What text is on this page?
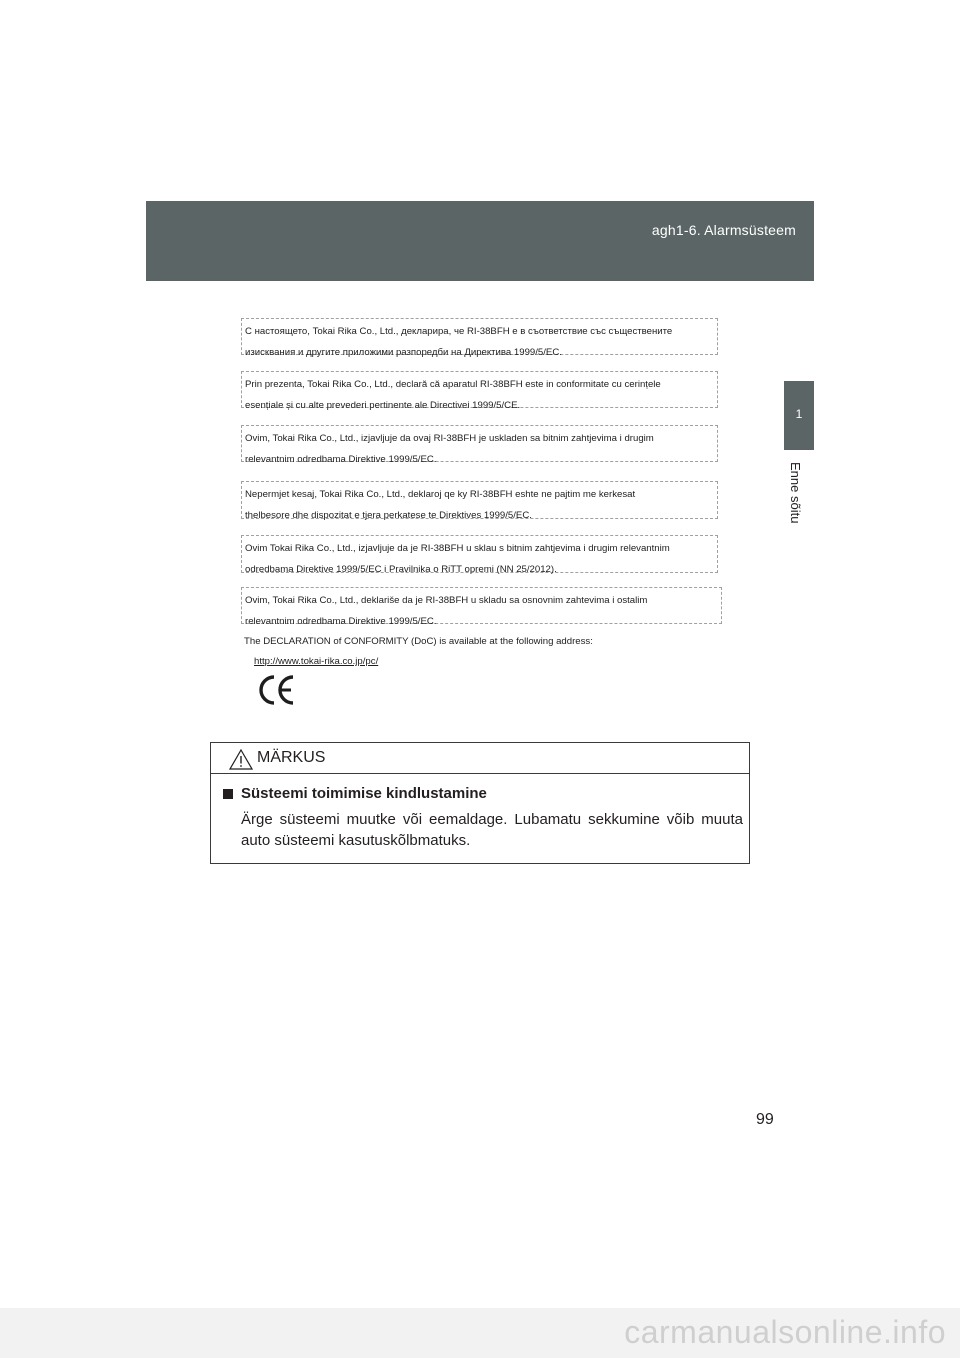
agh1-6. Alarmsüsteem
1
Enne sõitu
С настоящето, Tokai Rika Co., Ltd., декларира, че RI-38BFH е в съответствие със съществените
изисквания и другите приложими разпоредби на Директива 1999/5/EC.
Prin prezenta, Tokai Rika Co., Ltd., declară că aparatul RI-38BFH este in conformitate cu cerințele
esențiale și cu alte prevederi pertinente ale Directivei 1999/5/CE.
Ovim, Tokai Rika Co., Ltd., izjavljuje da ovaj RI-38BFH je uskladen sa bitnim zahtjevima i drugim
relevantnim odredbama Direktive 1999/5/EC.
Nepermjet kesaj, Tokai Rika Co., Ltd., deklaroj qe ky RI-38BFH eshte ne pajtim me kerkesat
thelbesore dhe dispozitat e tjera perkatese te Direktives 1999/5/EC.
Ovim Tokai Rika Co., Ltd., izjavljuje da je RI-38BFH u sklau s bitnim zahtjevima i drugim relevantnim
odredbama Direktive 1999/5/EC i Pravilnika o RiTT opremi (NN 25/2012).
Ovim, Tokai Rika Co., Ltd., deklariše da je RI-38BFH u skladu sa osnovnim zahtevima i ostalim
relevantnim odredbama Direktive 1999/5/EC.
The DECLARATION of CONFORMITY (DoC) is available at the following address:
http://www.tokai-rika.co.jp/pc/
MÄRKUS
Süsteemi toimimise kindlustamine
Ärge süsteemi muutke või eemaldage. Lubamatu sekkumine võib muuta auto süsteemi kasutuskõlbmatuks.
99
carmanualsonline.info
